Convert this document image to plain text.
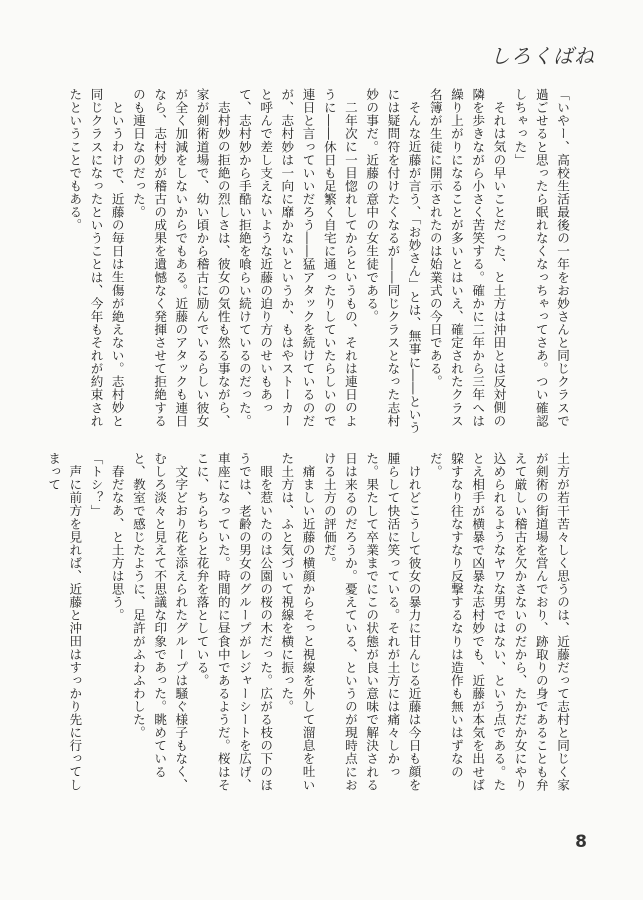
しろくばね

「いやー、高校生活最後の一年をお妙さんと同じクラスで過ごせると思ったら眠れなくなっちゃってさあ。つい確認しちゃった」

それは気の早いことだった、と土方は沖田とは反対側の隣を歩きながら小さく苦笑する。確かに二年から三年へは繰り上がりになることが多いとはいえ、確定されたクラス名簿が生徒に開示されたのは始業式の今日である。

そんな近藤が言う、「お妙さん」とは、無事に――というには疑問符を付けたくなるが――同じクラスとなった志村妙の事だ。近藤の意中の女生徒である。

二年次に一目惚れしてからというもの、それは連日のように――休日も足繁く自宅に通ったりしていたらしいので連日と言っていいだろう――猛アタックを続けているのだが、志村妙は一向に靡かないというか、もはやストーカーと呼んで差し支えないような近藤の迫り方のせいもあって、志村妙から手酷い拒絶を喰らい続けているのだった。

志村妙の拒絶の烈しさは、彼女の気性も然る事ながら、家が剣術道場で、幼い頃から稽古に励んでいるらしい彼女が全く加減をしないからでもある。近藤のアタックも連日なら、志村妙が稽古の成果を遺憾なく発揮させて拒絶するのも連日なのだった。

というわけで、近藤の毎日は生傷が絶えない。志村妙と同じクラスになったということは、今年もそれが約束されたということでもある。

土方が若干苦々しく思うのは、近藤だって志村と同じく家が剣術の街道場を営んでおり、跡取りの身であることも弁えて厳しい稽古を欠かさないのだから、たかだか女にやり込められるようなヤワな男ではない、という点である。たとえ相手が横暴で凶暴な志村妙でも、近藤が本気を出せば躱すなり往なすなり反撃するなりは造作も無いはずなのだ。

けれどこうして彼女の暴力に甘んじる近藤は今日も顔を腫らして快活に笑っている。それが土方には痛々しかった。果たして卒業までにこの状態が良い意味で解決される日は来るのだろうか。憂えている、というのが現時点における土方の評価だ。

痛ましい近藤の横顔からそっと視線を外して溜息を吐いた土方は、ふと気づいて視線を横に振った。

眼を惹いたのは公園の桜の木だった。広がる枝の下のほうでは、老齢の男女のグループがレジャーシートを広げ、車座になっていた。時間的に昼食中であるようだ。桜はそこに、ちらちらと花弁を落としている。

文字どおり花を添えられたグループは騒ぐ様子もなく、むしろ淡々と見えて不思議な印象であった。眺めていると、教室で感じたように、足許がふわふわした。

春だなあ、と土方は思う。

「トシ？」

声に前方を見れば、近藤と沖田はすっかり先に行ってしまって

8
